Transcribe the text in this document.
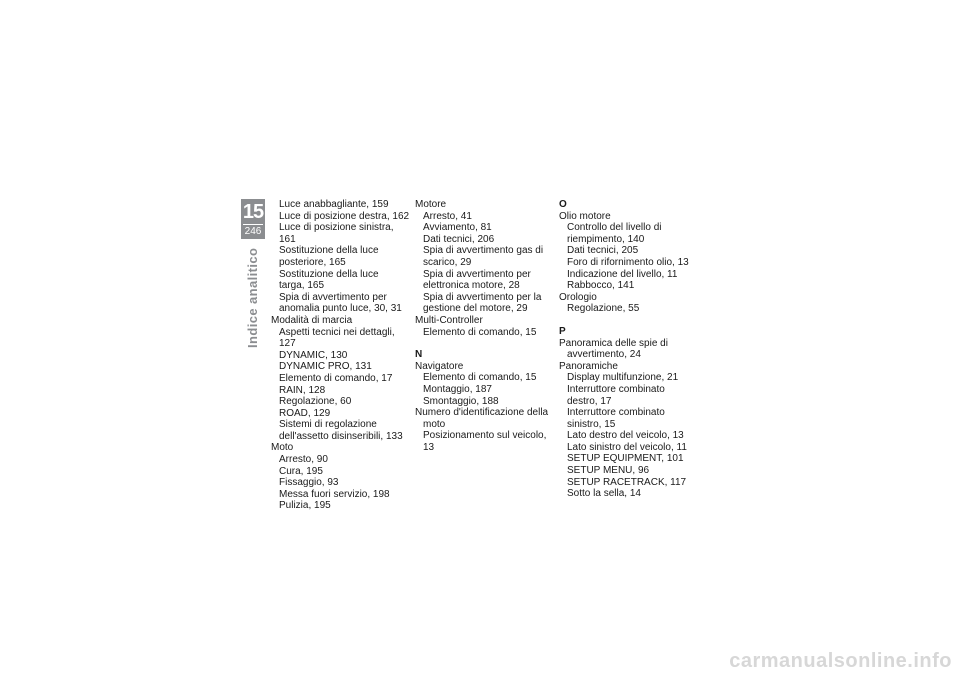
15
246
Indice analitico
Luce anabbagliante, 159
Luce di posizione destra, 162
Luce di posizione sinistra, 161
Sostituzione della luce
posteriore, 165
Sostituzione della luce
targa, 165
Spia di avvertimento per
anomalia punto luce, 30, 31
Modalità di marcia
Aspetti tecnici nei dettagli, 127
DYNAMIC, 130
DYNAMIC PRO, 131
Elemento di comando, 17
RAIN, 128
Regolazione, 60
ROAD, 129
Sistemi di regolazione
dell'assetto disinseribili, 133
Moto
Arresto, 90
Cura, 195
Fissaggio, 93
Messa fuori servizio, 198
Pulizia, 195
Motore
Arresto, 41
Avviamento, 81
Dati tecnici, 206
Spia di avvertimento gas di
scarico, 29
Spia di avvertimento per
elettronica motore, 28
Spia di avvertimento per la
gestione del motore, 29
Multi-Controller
Elemento di comando, 15
N
Navigatore
Elemento di comando, 15
Montaggio, 187
Smontaggio, 188
Numero d'identificazione della
moto
Posizionamento sul veicolo, 13
O
Olio motore
Controllo del livello di
riempimento, 140
Dati tecnici, 205
Foro di rifornimento olio, 13
Indicazione del livello, 11
Rabbocco, 141
Orologio
Regolazione, 55
P
Panoramica delle spie di
avvertimento, 24
Panoramiche
Display multifunzione, 21
Interruttore combinato
destro, 17
Interruttore combinato
sinistro, 15
Lato destro del veicolo, 13
Lato sinistro del veicolo, 11
SETUP EQUIPMENT, 101
SETUP MENU, 96
SETUP RACETRACK, 117
Sotto la sella, 14
carmanualsonline.info
